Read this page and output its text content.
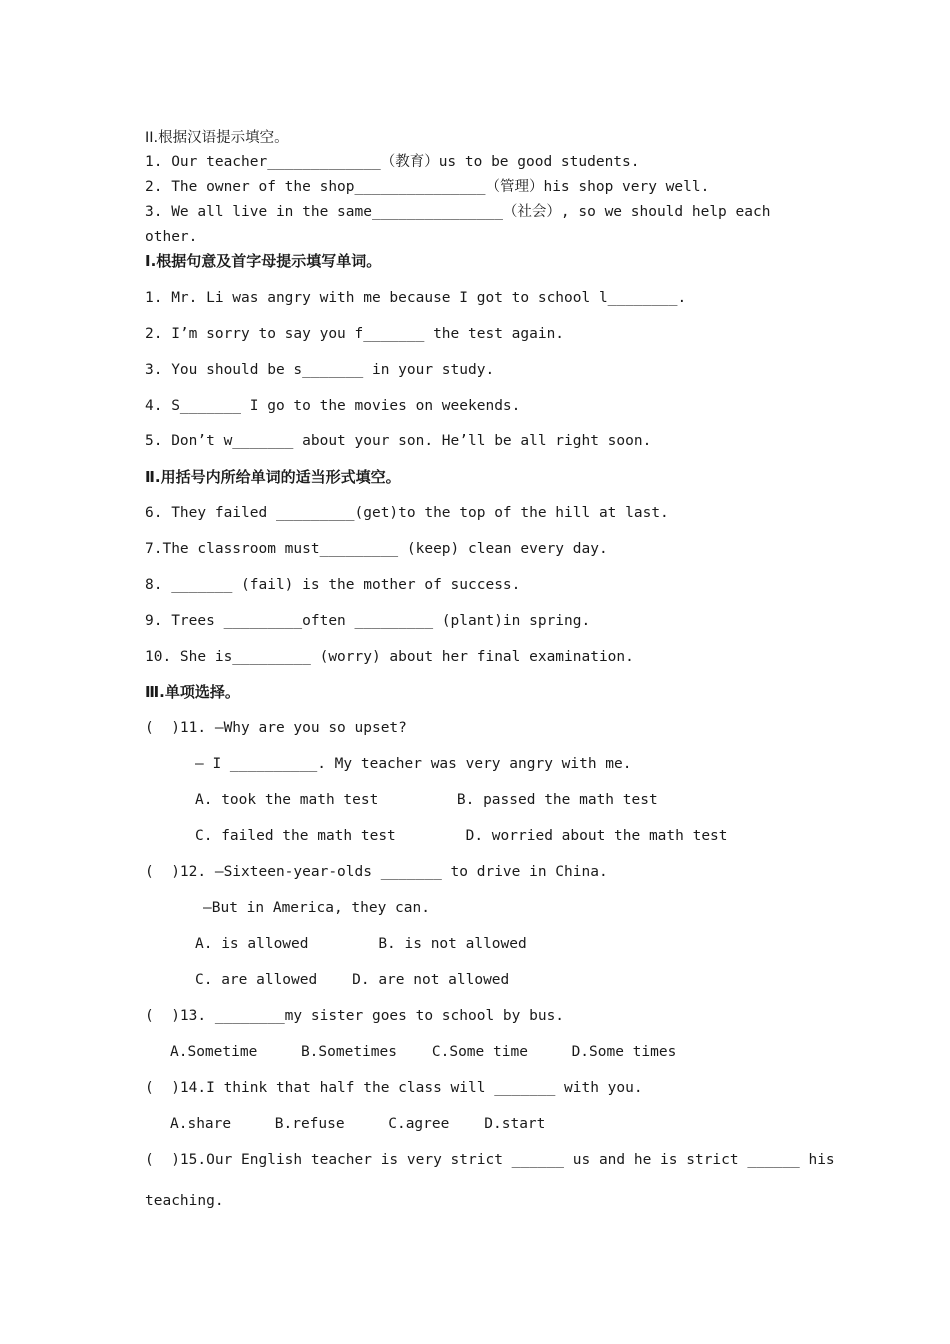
II.根据汉语提示填空。
1. Our teacher_____________（教育）us to be good students.
2. The owner of the shop_______________（管理）his shop very well.
3. We all live in the same_______________（社会）, so we should help each
other.
Ⅰ.根据句意及首字母提示填写单词。
1. Mr. Li was angry with me because I got to school l________.
2. I’m sorry to say you f_______ the test again.
3. You should be s_______ in your study.
4. S_______ I go to the movies on weekends.
5. Don’t w_______ about your son. He’ll be all right soon.
Ⅱ.用括号内所给单词的适当形式填空。
6. They failed _________(get)to the top of the hill at last.
7.The classroom must_________ (keep) clean every day.
8. _______ (fail) is the mother of success.
9. Trees _________often _________ (plant)in spring.
10. She is_________ (worry) about her final examination.
Ⅲ.单项选择。
(  )11. —Why are you so upset?
— I __________. My teacher was very angry with me.
A. took the math test         B. passed the math test
C. failed the math test        D. worried about the math test
(  )12. —Sixteen-year-olds _______ to drive in China.
—But in America, they can.
A. is allowed        B. is not allowed
C. are allowed    D. are not allowed
(  )13. ________my sister goes to school by bus.
A.Sometime     B.Sometimes    C.Some time     D.Some times
(  )14.I think that half the class will _______ with you.
A.share     B.refuse     C.agree    D.start
(  )15.Our English teacher is very strict ______ us and he is strict ______ his
teaching.
